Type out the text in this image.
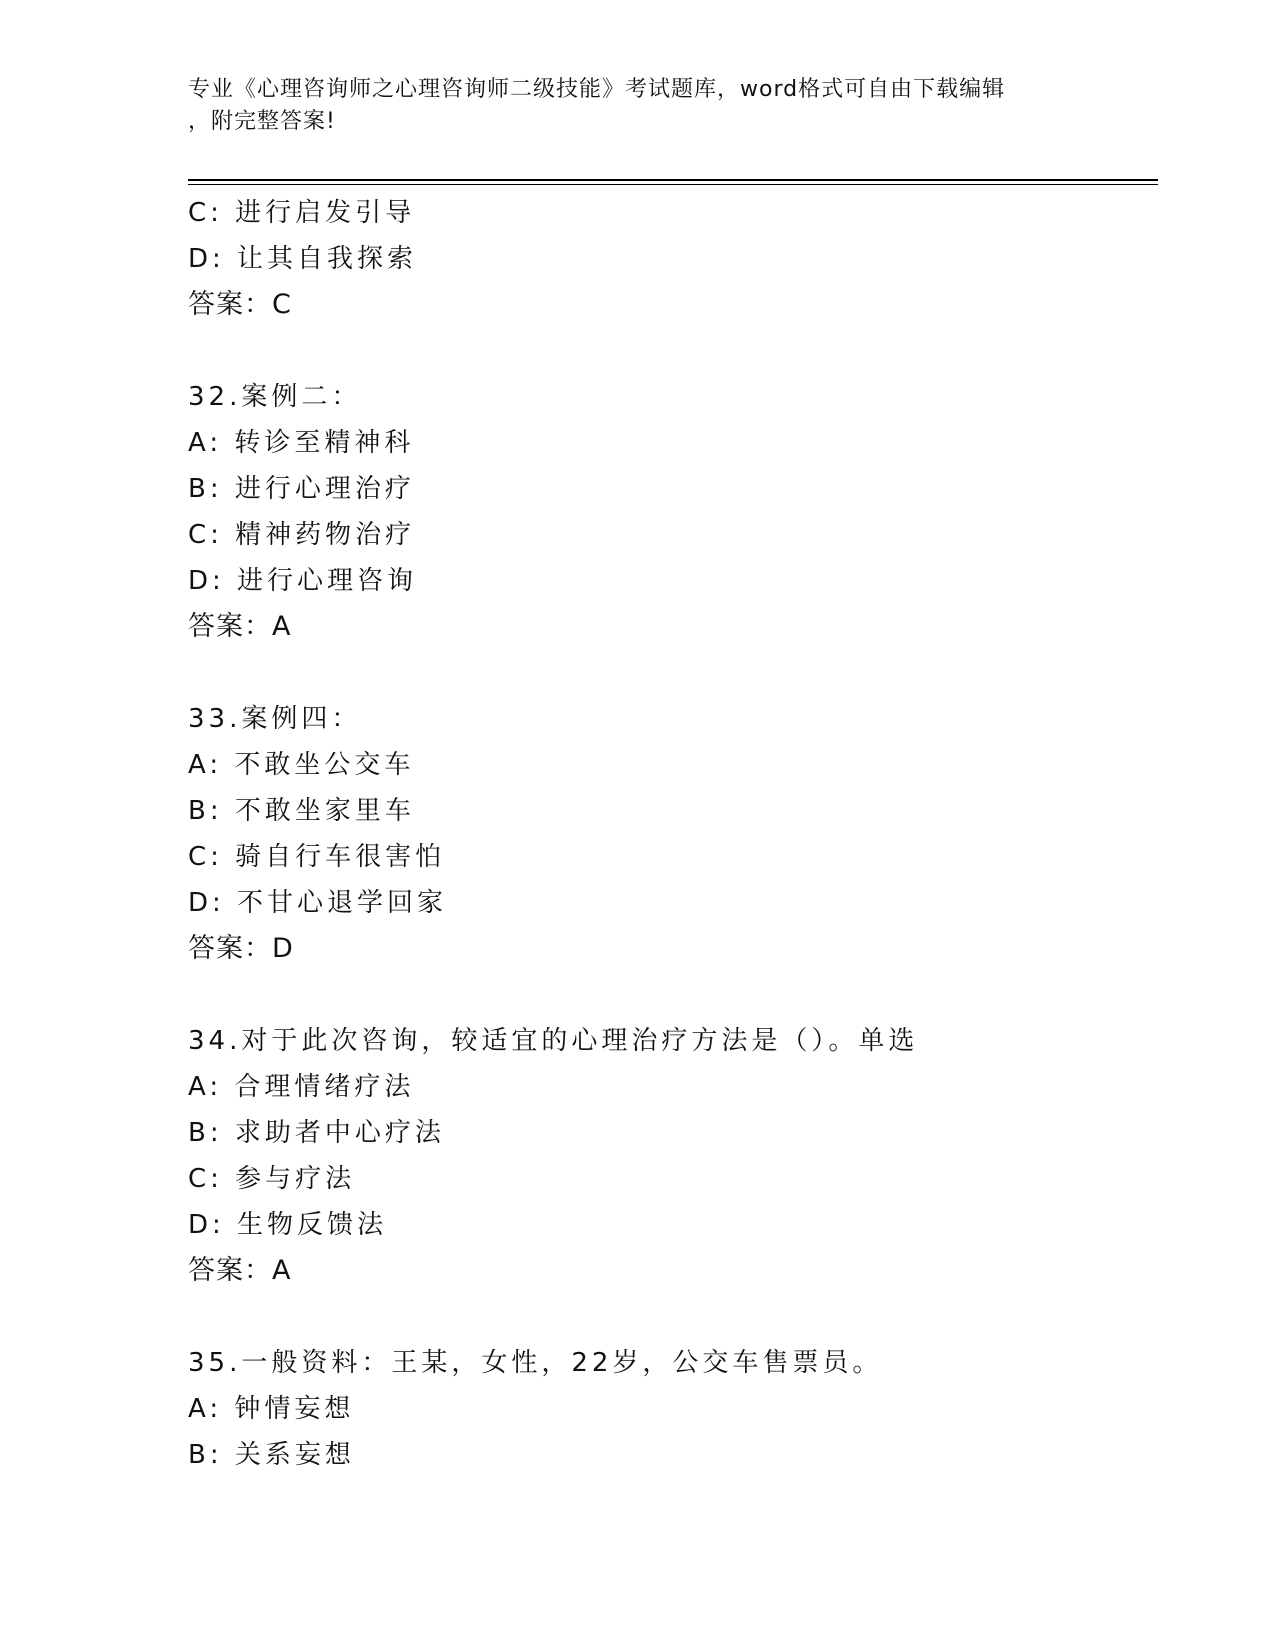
专业《心理咨询师之心理咨询师二级技能》考试题库，word格式可自由下载编辑
，附完整答案!
C: 进行启发引导
D: 让其自我探索
答案：C
32.案例二：
A: 转诊至精神科
B: 进行心理治疗
C: 精神药物治疗
D: 进行心理咨询
答案：A
33.案例四：
A: 不敢坐公交车
B: 不敢坐家里车
C: 骑自行车很害怕
D: 不甘心退学回家
答案：D
34.对于此次咨询，较适宜的心理治疗方法是（）。单选
A: 合理情绪疗法
B: 求助者中心疗法
C: 参与疗法
D: 生物反馈法
答案：A
35.一般资料：王某，女性，22岁，公交车售票员。
A: 钟情妄想
B: 关系妄想
